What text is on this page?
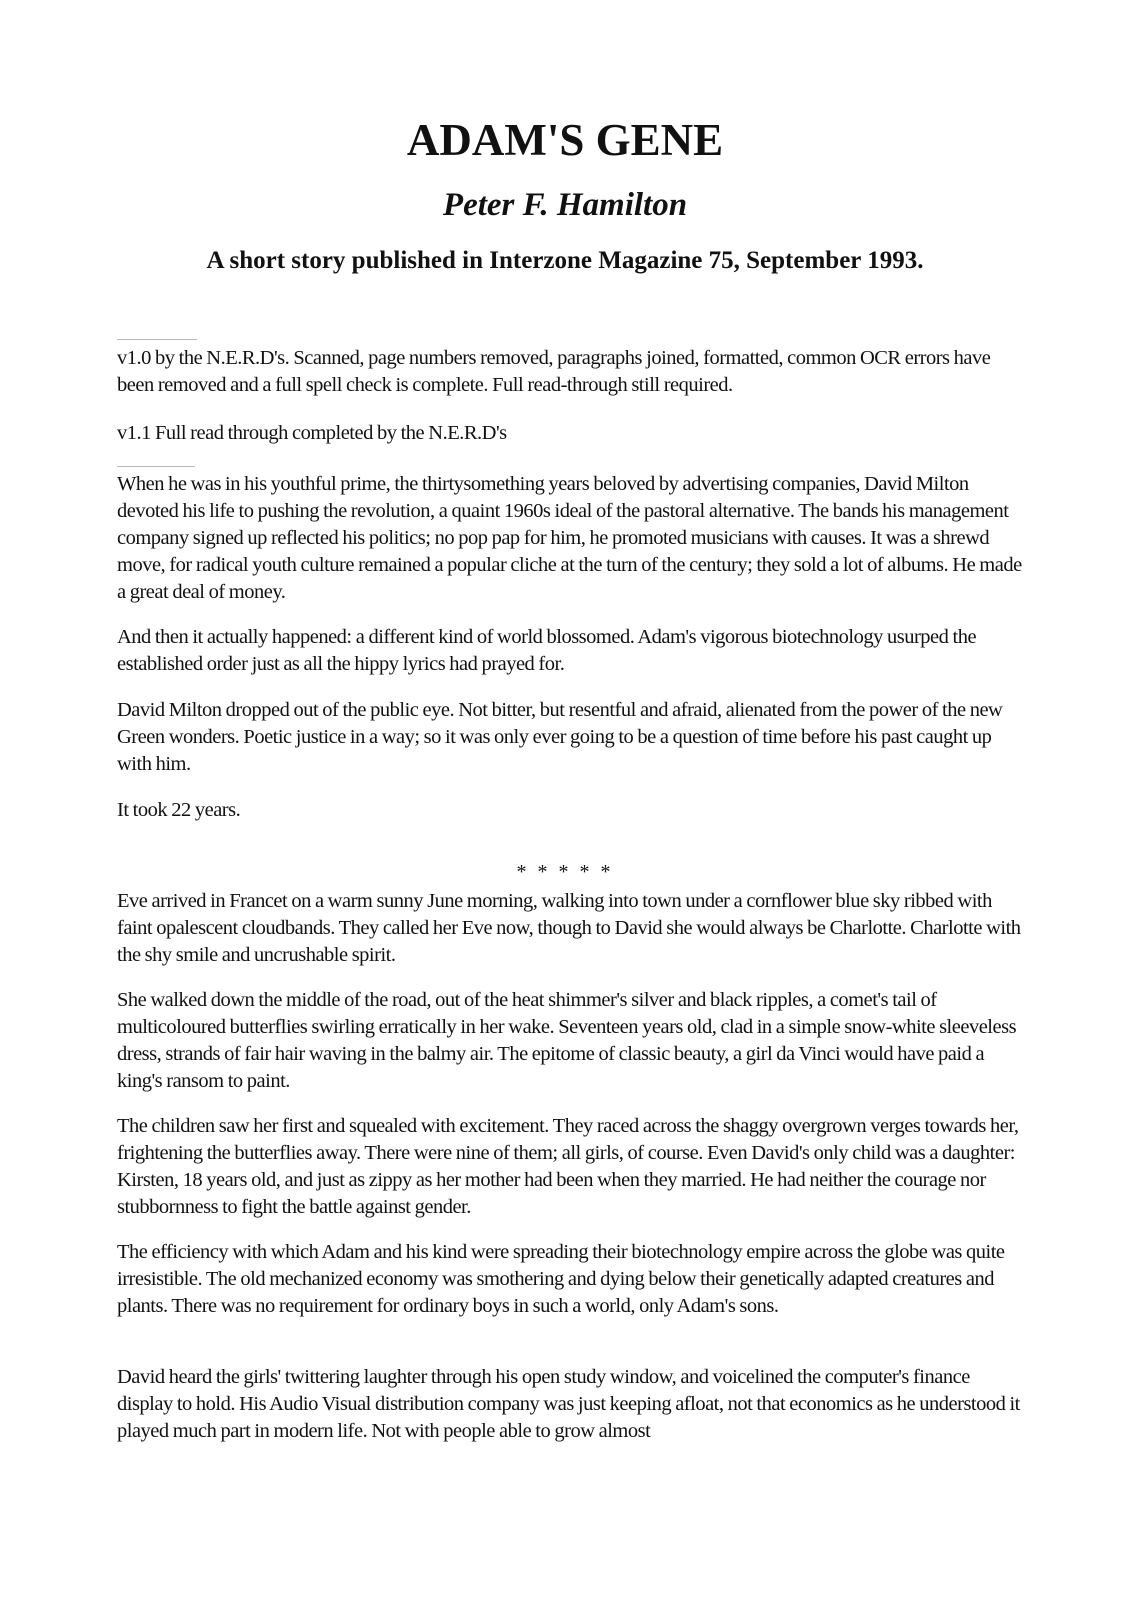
ADAM'S GENE
Peter F. Hamilton
A short story published in Interzone Magazine 75, September 1993.

v1.0 by the N.E.R.D's. Scanned, page numbers removed, paragraphs joined, formatted, common OCR errors have been removed and a full spell check is complete. Full read-through still required.

v1.1 Full read through completed by the N.E.R.D's

When he was in his youthful prime, the thirtysomething years beloved by advertising companies, David Milton devoted his life to pushing the revolution, a quaint 1960s ideal of the pastoral alternative. The bands his management company signed up reflected his politics; no pop pap for him, he promoted musicians with causes. It was a shrewd move, for radical youth culture remained a popular cliche at the turn of the century; they sold a lot of albums. He made a great deal of money.

And then it actually happened: a different kind of world blossomed. Adam's vigorous biotechnology usurped the established order just as all the hippy lyrics had prayed for.

David Milton dropped out of the public eye. Not bitter, but resentful and afraid, alienated from the power of the new Green wonders. Poetic justice in a way; so it was only ever going to be a question of time before his past caught up with him.

It took 22 years.

* * * * *

Eve arrived in Francet on a warm sunny June morning, walking into town under a cornflower blue sky ribbed with faint opalescent cloudbands. They called her Eve now, though to David she would always be Charlotte. Charlotte with the shy smile and uncrushable spirit.

She walked down the middle of the road, out of the heat shimmer's silver and black ripples, a comet's tail of multicoloured butterflies swirling erratically in her wake. Seventeen years old, clad in a simple snow-white sleeveless dress, strands of fair hair waving in the balmy air. The epitome of classic beauty, a girl da Vinci would have paid a king's ransom to paint.

The children saw her first and squealed with excitement. They raced across the shaggy overgrown verges towards her, frightening the butterflies away. There were nine of them; all girls, of course. Even David's only child was a daughter: Kirsten, 18 years old, and just as zippy as her mother had been when they married. He had neither the courage nor stubbornness to fight the battle against gender.

The efficiency with which Adam and his kind were spreading their biotechnology empire across the globe was quite irresistible. The old mechanized economy was smothering and dying below their genetically adapted creatures and plants. There was no requirement for ordinary boys in such a world, only Adam's sons.

David heard the girls' twittering laughter through his open study window, and voicelined the computer's finance display to hold. His Audio Visual distribution company was just keeping afloat, not that economics as he understood it played much part in modern life. Not with people able to grow almost
